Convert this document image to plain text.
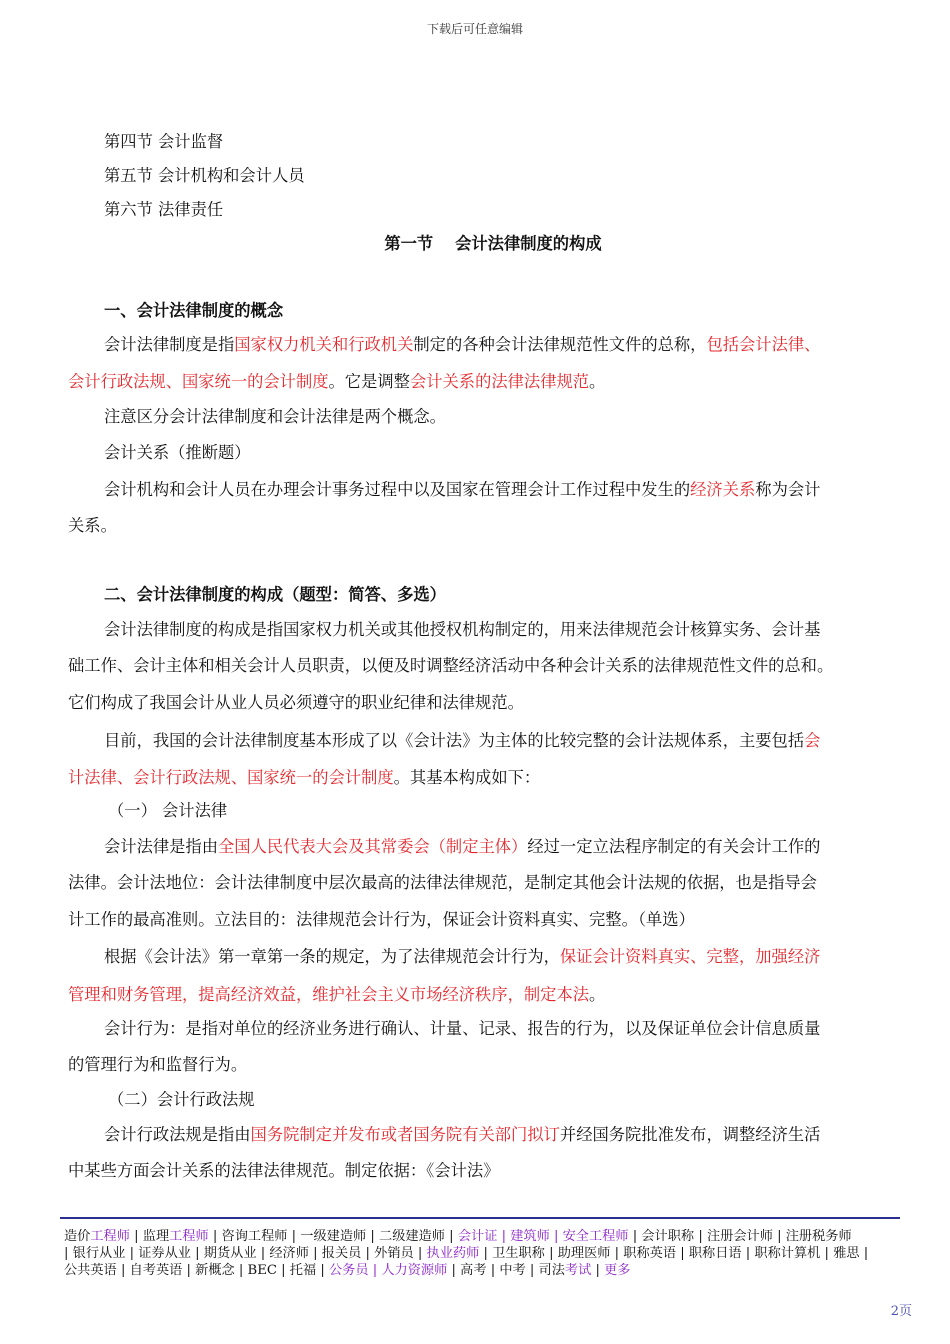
下载后可任意编辑
第四节 会计监督
第五节 会计机构和会计人员
第六节 法律责任
第一节　 会计法律制度的构成
一、会计法律制度的概念
会计法律制度是指国家权力机关和行政机关制定的各种会计法律规范性文件的总称，包括会计法律、
会计行政法规、国家统一的会计制度。它是调整会计关系的法律法律规范。
注意区分会计法律制度和会计法律是两个概念。
会计关系（推断题）
会计机构和会计人员在办理会计事务过程中以及国家在管理会计工作过程中发生的经济关系称为会计
关系。
二、会计法律制度的构成（题型：简答、多选）
会计法律制度的构成是指国家权力机关或其他授权机构制定的，用来法律规范会计核算实务、会计基
础工作、会计主体和相关会计人员职责，以便及时调整经济活动中各种会计关系的法律规范性文件的总和。
它们构成了我国会计从业人员必须遵守的职业纪律和法律规范。
目前，我国的会计法律制度基本形成了以《会计法》为主体的比较完整的会计法规体系，主要包括会
计法律、会计行政法规、国家统一的会计制度。其基本构成如下：
（一） 会计法律
会计法律是指由全国人民代表大会及其常委会（制定主体）经过一定立法程序制定的有关会计工作的
法律。会计法地位：会计法律制度中层次最高的法律法律规范，是制定其他会计法规的依据，也是指导会
计工作的最高准则。立法目的：法律规范会计行为，保证会计资料真实、完整。（单选）
根据《会计法》第一章第一条的规定，为了法律规范会计行为，保证会计资料真实、完整，加强经济
管理和财务管理，提高经济效益，维护社会主义市场经济秩序，制定本法。
会计行为：是指对单位的经济业务进行确认、计量、记录、报告的行为，以及保证单位会计信息质量
的管理行为和监督行为。
（二）会计行政法规
会计行政法规是指由国务院制定并发布或者国务院有关部门拟订并经国务院批准发布，调整经济生活
中某些方面会计关系的法律法律规范。制定依据：《会计法》
造价工程师 | 监理工程师 | 咨询工程师 | 一级建造师 | 二级建造师 | 会计证 | 建筑师 | 安全工程师 | 会计职称 | 注册会计师 | 注册税务师
| 银行从业 | 证券从业 | 期货从业 | 经济师 | 报关员 | 外销员 | 执业药师 | 卫生职称 | 助理医师 | 职称英语 | 职称日语 | 职称计算机 | 雅思 |
公共英语 | 自考英语 | 新概念 | BEC | 托福 | 公务员 | 人力资源师 | 高考 | 中考 | 司法考试 | 更多
2页
